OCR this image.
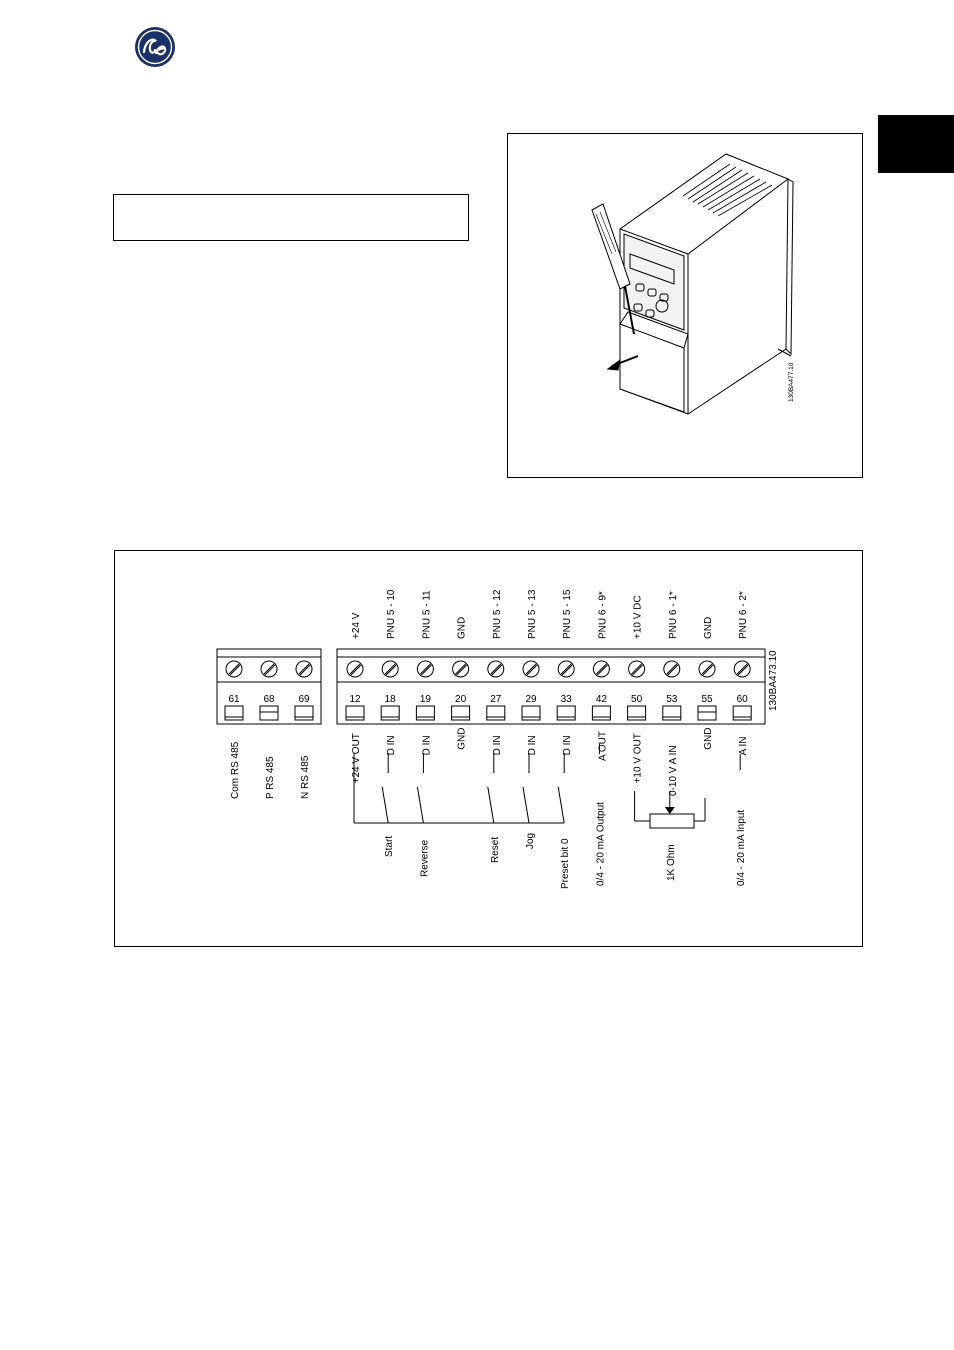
130BA477.10
61
Com RS 485
68
P RS 485
69
N RS 485
12
+24 V
+24 V OUT
18
PNU 5 - 10
D IN
19
PNU 5 - 11
D IN
20
GND
GND
27
PNU 5 - 12
D IN
29
PNU 5 - 13
D IN
33
PNU 5 - 15
D IN
42
PNU 6 - 9*
A OUT
50
+10 V DC
+10 V OUT
53
PNU 6 - 1*
0-10 V A IN
55
GND
GND
60
PNU 6 - 2*
A IN
130BA473.10
Start Reverse	Reset Jog Preset bit 0 0/4 - 20 mA Output	1K Ohm	0/4 - 20 mA Input
